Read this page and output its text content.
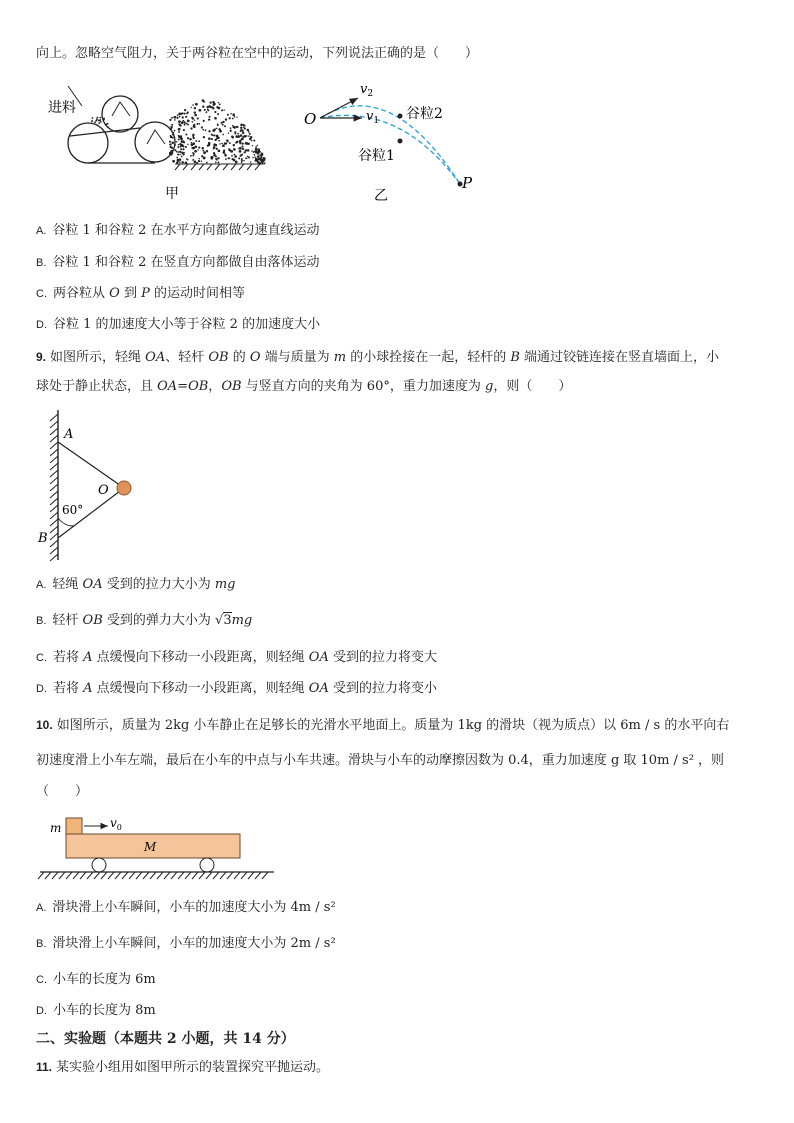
向上。忽略空气阻力，关于两谷粒在空中的运动，下列说法正确的是（　　）
进料
甲
O
$v_2$
$v_1$ 谷粒2
谷粒1
P
乙
A. 谷粒 1 和谷粒 2 在水平方向都做匀速直线运动
B. 谷粒 1 和谷粒 2 在竖直方向都做自由落体运动
C. 两谷粒从 O 到 P 的运动时间相等
D. 谷粒 1 的加速度大小等于谷粒 2 的加速度大小
9. 如图所示，轻绳 OA、轻杆 OB 的 O 端与质量为 m 的小球拴接在一起，轻杆的 B 端通过铰链连接在竖直墙面上，小
球处于静止状态，且 OA=OB，OB 与竖直方向的夹角为 60°，重力加速度为 g，则（　　）
A
O
B
60°
A. 轻绳 OA 受到的拉力大小为 mg
B. 轻杆 OB 受到的弹力大小为 √3mg
C. 若将 A 点缓慢向下移动一小段距离，则轻绳 OA 受到的拉力将变大
D. 若将 A 点缓慢向下移动一小段距离，则轻绳 OA 受到的拉力将变小
10. 如图所示，质量为 2kg 小车静止在足够长的光滑水平地面上。质量为 1kg 的滑块（视为质点）以 6m / s 的水平向右
初速度滑上小车左端，最后在小车的中点与小车共速。滑块与小车的动摩擦因数为 0.4，重力加速度 g 取 10m / s² ，则
（　　）
m	$v_0$
M
A. 滑块滑上小车瞬间，小车的加速度大小为 4m / s²
B. 滑块滑上小车瞬间，小车的加速度大小为 2m / s²
C. 小车的长度为 6m
D. 小车的长度为 8m
二、实验题（本题共 2 小题，共 14 分）
11. 某实验小组用如图甲所示的装置探究平抛运动。
